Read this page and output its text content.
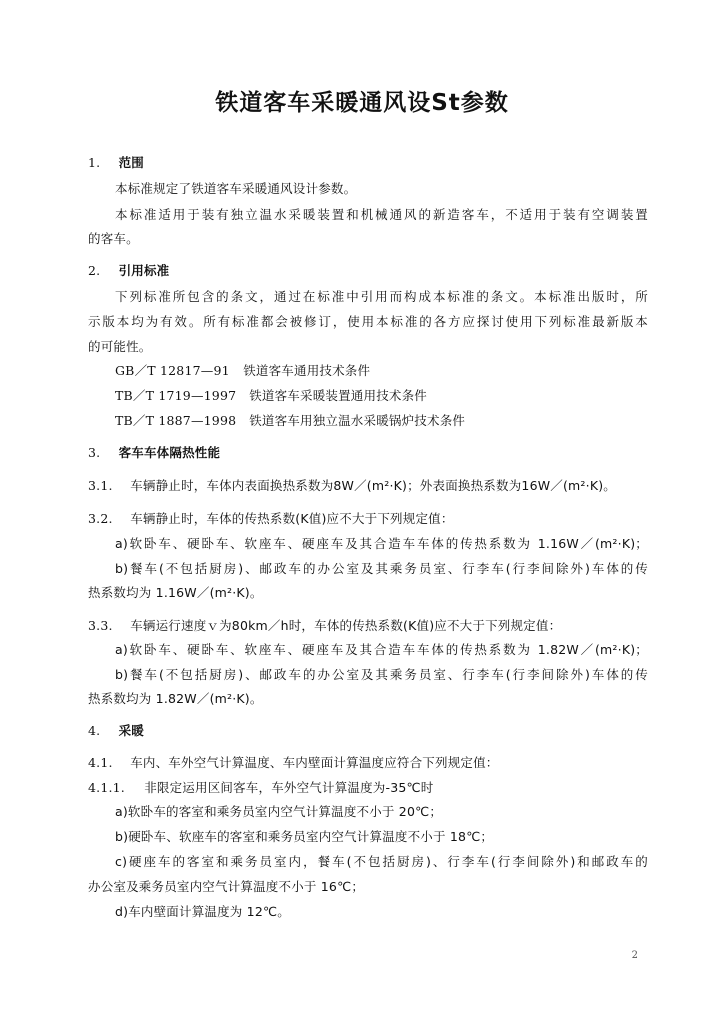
铁道客车采暖通风设St参数
1. 范围
本标准规定了铁道客车采暖通风设计参数。
本标准适用于装有独立温水采暖装置和机械通风的新造客车，不适用于装有空调装置
的客车。
2. 引用标准
下列标准所包含的条文，通过在标准中引用而构成本标准的条文。本标准出版时，所
示版本均为有效。所有标准都会被修订，使用本标准的各方应探讨使用下列标准最新版本
的可能性。
GB／T 12817—91 铁道客车通用技术条件
TB／T 1719—1997 铁道客车采暖装置通用技术条件
TB／T 1887—1998 铁道客车用独立温水采暖锅炉技术条件
3. 客车车体隔热性能
3.1. 车辆静止时，车体内表面换热系数为8W／(m²·K)；外表面换热系数为16W／(m²·K)。
3.2. 车辆静止时，车体的传热系数(K值)应不大于下列规定值：
a)软卧车、硬卧车、软座车、硬座车及其合造车车体的传热系数为 1.16W／(m²·K)；
b)餐车(不包括厨房)、邮政车的办公室及其乘务员室、行李车(行李间除外)车体的传
热系数均为 1.16W／(m²·K)。
3.3. 车辆运行速度ｖ为80km／h时，车体的传热系数(K值)应不大于下列规定值：
a)软卧车、硬卧车、软座车、硬座车及其合造车车体的传热系数为 1.82W／(m²·K)；
b)餐车(不包括厨房)、邮政车的办公室及其乘务员室、行李车(行李间除外)车体的传
热系数均为 1.82W／(m²·K)。
4. 采暖
4.1. 车内、车外空气计算温度、车内壁面计算温度应符合下列规定值：
4.1.1. 非限定运用区间客车，车外空气计算温度为-35℃时
a)软卧车的客室和乘务员室内空气计算温度不小于 20℃；
b)硬卧车、软座车的客室和乘务员室内空气计算温度不小于 18℃；
c)硬座车的客室和乘务员室内，餐车(不包括厨房)、行李车(行李间除外)和邮政车的
办公室及乘务员室内空气计算温度不小于 16℃；
d)车内壁面计算温度为 12℃。
2
